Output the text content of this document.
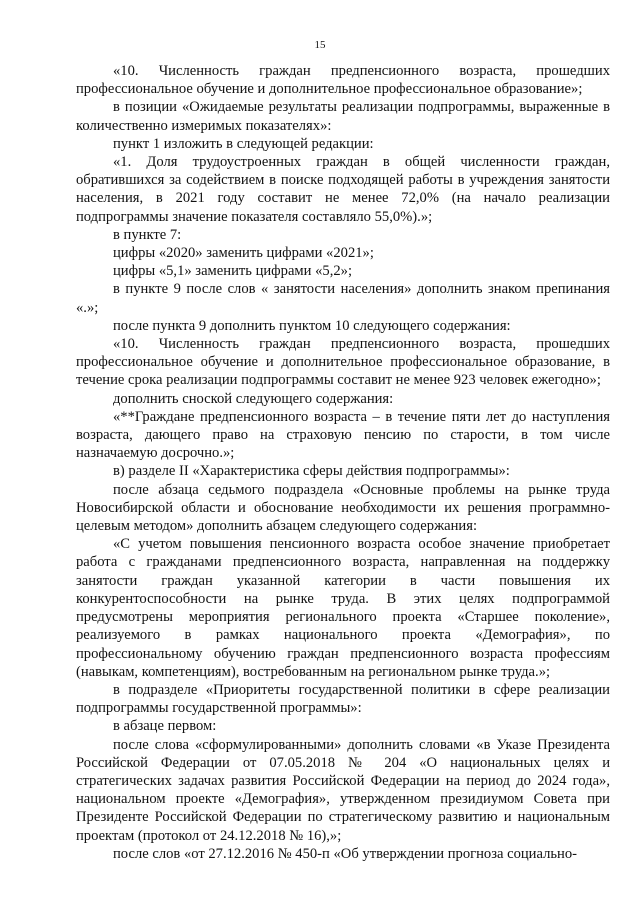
15

«10. Численность граждан предпенсионного возраста, прошедших профессиональное обучение и дополнительное профессиональное образование»;

в позиции «Ожидаемые результаты реализации подпрограммы, выраженные в количественно измеримых показателях»:

пункт 1 изложить в следующей редакции:

«1. Доля трудоустроенных граждан в общей численности граждан, обратившихся за содействием в поиске подходящей работы в учреждения занятости населения, в 2021 году составит не менее 72,0% (на начало реализации подпрограммы значение показателя составляло 55,0%).»;

в пункте 7:

цифры «2020» заменить цифрами «2021»;

цифры «5,1» заменить цифрами «5,2»;

в пункте 9 после слов « занятости населения» дополнить знаком препинания «.»;

после пункта 9 дополнить пунктом 10 следующего содержания:

«10. Численность граждан предпенсионного возраста, прошедших профессиональное обучение и дополнительное профессиональное образование, в течение срока реализации подпрограммы составит не менее 923 человек ежегодно»;

дополнить сноской следующего содержания:

«**Граждане предпенсионного возраста – в течение пяти лет до наступления возраста, дающего право на страховую пенсию по старости, в том числе назначаемую досрочно.»;

в) разделе II «Характеристика сферы действия подпрограммы»:

после абзаца седьмого подраздела «Основные проблемы на рынке труда Новосибирской области и обоснование необходимости их решения программно-целевым методом» дополнить абзацем следующего содержания:

«С учетом повышения пенсионного возраста особое значение приобретает работа с гражданами предпенсионного возраста, направленная на поддержку занятости граждан указанной категории в части повышения их конкурентоспособности на рынке труда. В этих целях подпрограммой предусмотрены мероприятия регионального проекта «Старшее поколение», реализуемого в рамках национального проекта «Демография», по профессиональному обучению граждан предпенсионного возраста профессиям (навыкам, компетенциям), востребованным на региональном рынке труда.»;

в подразделе «Приоритеты государственной политики в сфере реализации подпрограммы государственной программы»:

в абзаце первом:

после слова «сформулированными» дополнить словами «в Указе Президента Российской Федерации от 07.05.2018 № 204 «О национальных целях и стратегических задачах развития Российской Федерации на период до 2024 года», национальном проекте «Демография», утвержденном президиумом Совета при Президенте Российской Федерации по стратегическому развитию и национальным проектам (протокол от 24.12.2018 № 16),»;

после слов «от 27.12.2016 № 450-п «Об утверждении прогноза социально-
